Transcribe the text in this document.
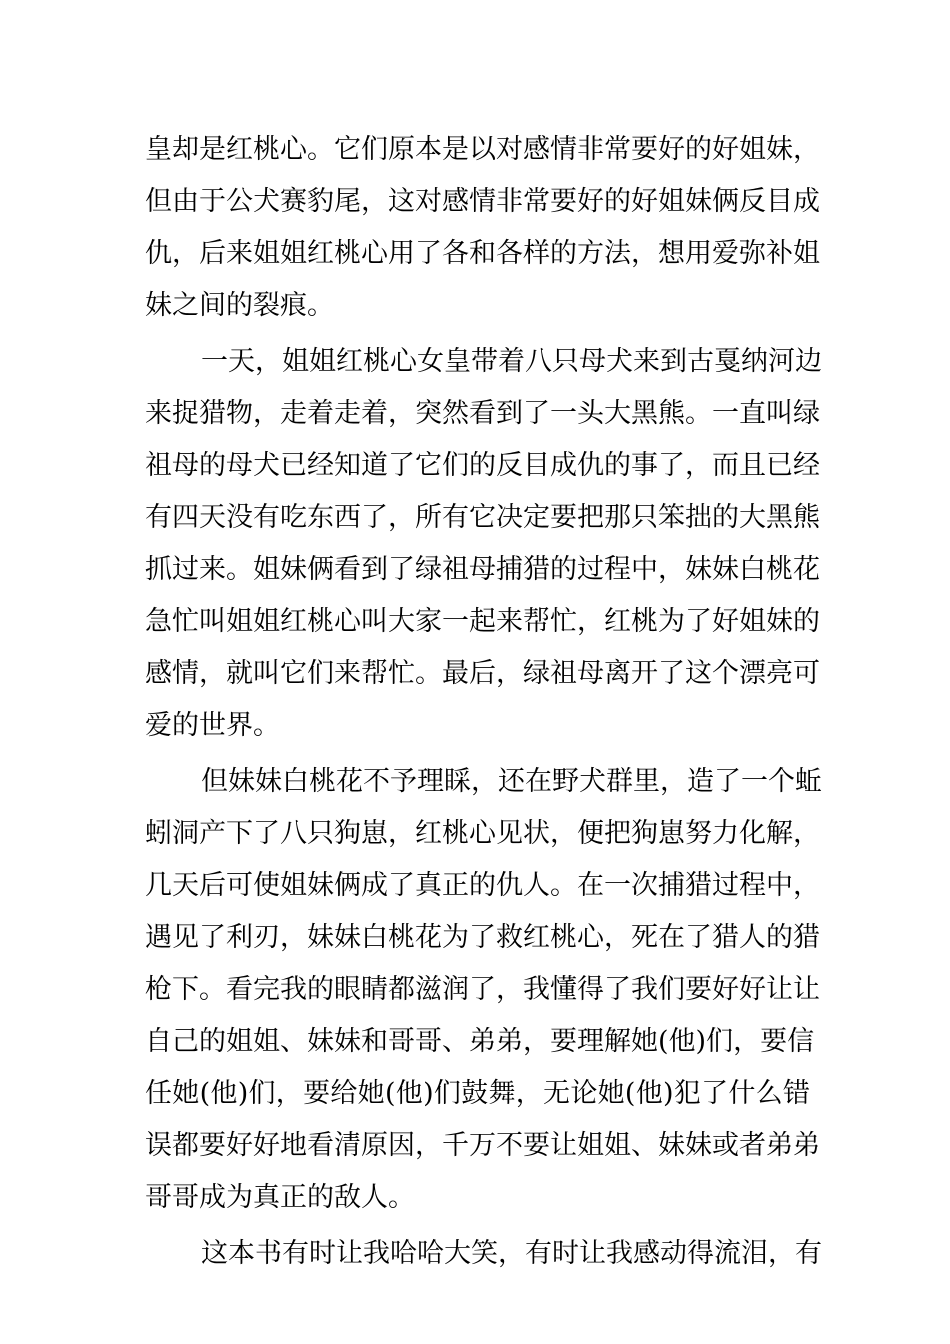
皇却是红桃心。它们原本是以对感情非常要好的好姐妹，
但由于公犬赛豹尾，这对感情非常要好的好姐妹俩反目成
仇，后来姐姐红桃心用了各和各样的方法，想用爱弥补姐
妹之间的裂痕。
一天，姐姐红桃心女皇带着八只母犬来到古戛纳河边
来捉猎物，走着走着，突然看到了一头大黑熊。一直叫绿
祖母的母犬已经知道了它们的反目成仇的事了，而且已经
有四天没有吃东西了，所有它决定要把那只笨拙的大黑熊
抓过来。姐妹俩看到了绿祖母捕猎的过程中，妹妹白桃花
急忙叫姐姐红桃心叫大家一起来帮忙，红桃为了好姐妹的
感情，就叫它们来帮忙。最后，绿祖母离开了这个漂亮可
爱的世界。
但妹妹白桃花不予理睬，还在野犬群里，造了一个蚯
蚓洞产下了八只狗崽，红桃心见状，便把狗崽努力化解，
几天后可使姐妹俩成了真正的仇人。在一次捕猎过程中，
遇见了利刃，妹妹白桃花为了救红桃心，死在了猎人的猎
枪下。看完我的眼睛都滋润了，我懂得了我们要好好让让
自己的姐姐、妹妹和哥哥、弟弟，要理解她(他)们，要信
任她(他)们，要给她(他)们鼓舞，无论她(他)犯了什么错
误都要好好地看清原因，千万不要让姐姐、妹妹或者弟弟
哥哥成为真正的敌人。
这本书有时让我哈哈大笑，有时让我感动得流泪，有
